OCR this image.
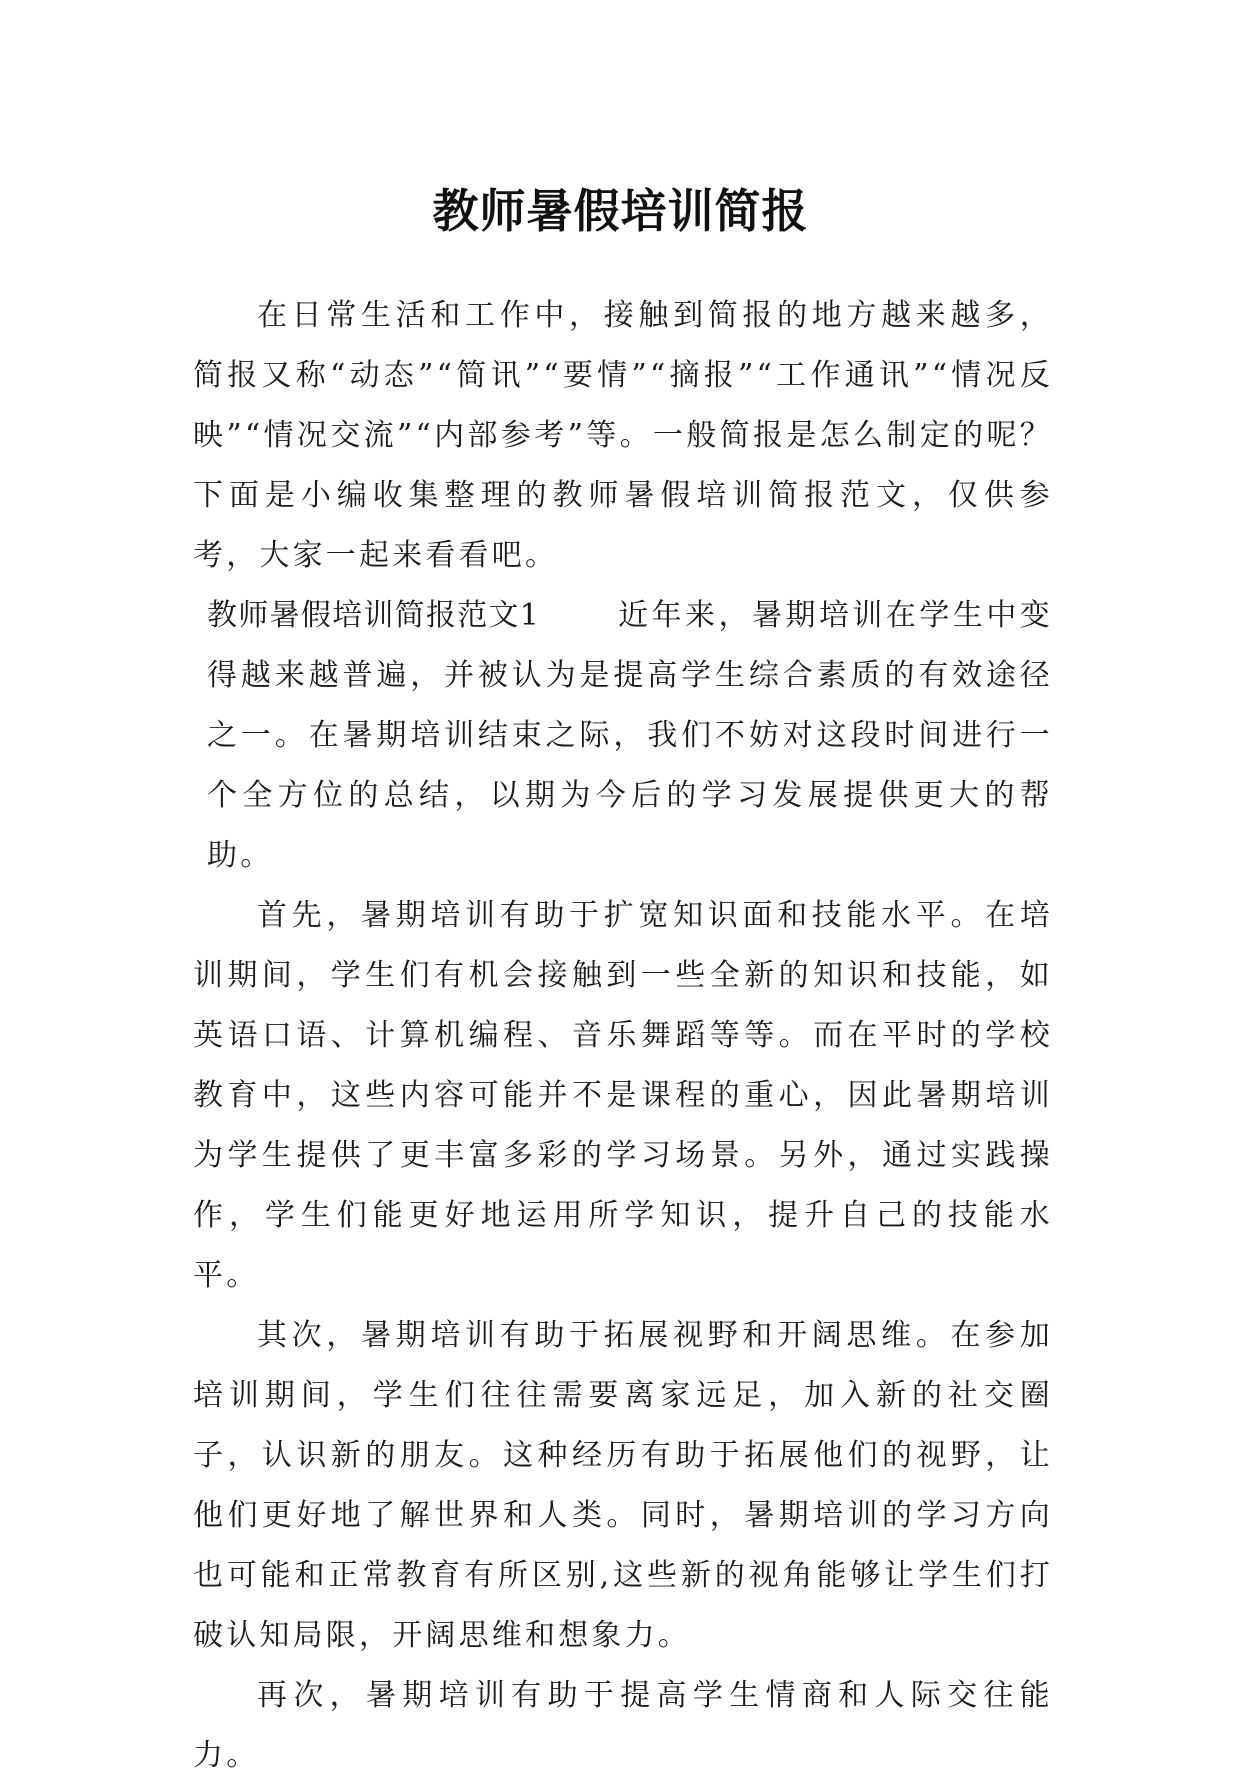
教师暑假培训简报

在日常生活和工作中，接触到简报的地方越来越多，简报又称“动态”“简讯”“要情”“摘报”“工作通讯”“情况反映”“情况交流”“内部参考”等。一般简报是怎么制定的呢？下面是小编收集整理的教师暑假培训简报范文，仅供参考，大家一起来看看吧。

教师暑假培训简报范文1	近年来，暑期培训在学生中变得越来越普遍，并被认为是提高学生综合素质的有效途径之一。在暑期培训结束之际，我们不妨对这段时间进行一个全方位的总结，以期为今后的学习发展提供更大的帮助。

首先，暑期培训有助于扩宽知识面和技能水平。在培训期间，学生们有机会接触到一些全新的知识和技能，如英语口语、计算机编程、音乐舞蹈等等。而在平时的学校教育中，这些内容可能并不是课程的重心，因此暑期培训为学生提供了更丰富多彩的学习场景。另外，通过实践操作，学生们能更好地运用所学知识，提升自己的技能水平。

其次，暑期培训有助于拓展视野和开阔思维。在参加培训期间，学生们往往需要离家远足，加入新的社交圈子，认识新的朋友。这种经历有助于拓展他们的视野，让他们更好地了解世界和人类。同时，暑期培训的学习方向也可能和正常教育有所区别,这些新的视角能够让学生们打破认知局限，开阔思维和想象力。

再次，暑期培训有助于提高学生情商和人际交往能力。
